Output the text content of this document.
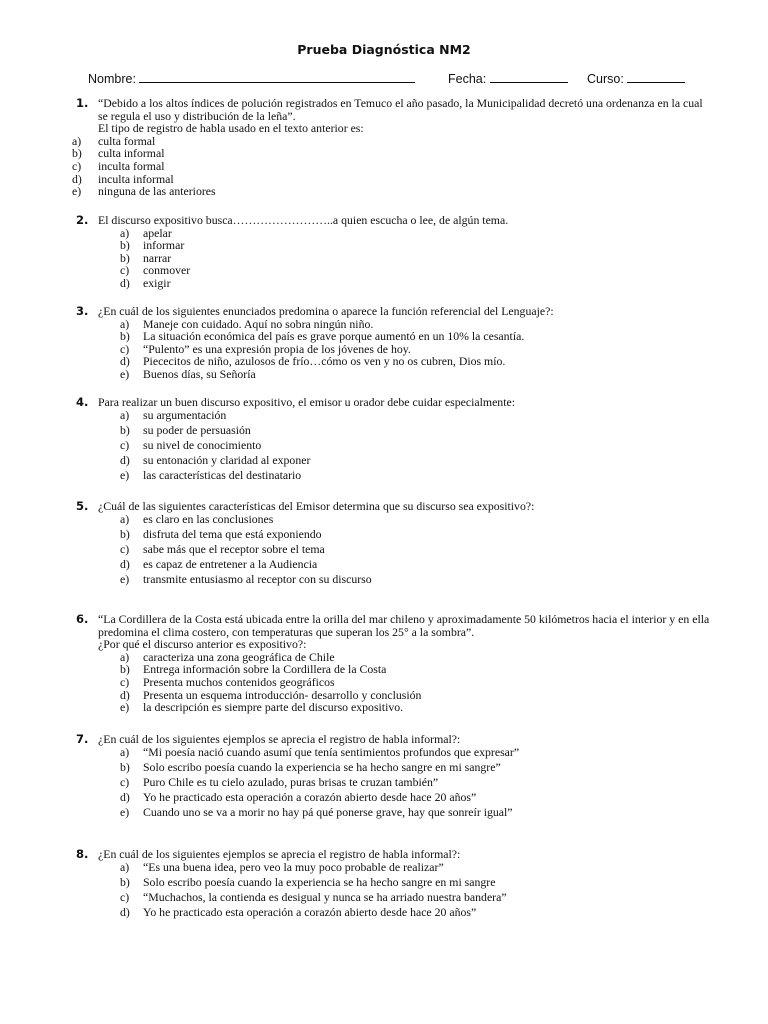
Prueba Diagnóstica NM2
Nombre:	Fecha:	Curso:
1. “Debido a los altos índices de polución registrados en Temuco el año pasado, la Municipalidad decretó una ordenanza en la cual se regula el uso y distribución de la leña”.
El tipo de registro de habla usado en el texto anterior es:
a) culta formal
b) culta informal
c) inculta formal
d) inculta informal
e) ninguna de las anteriores
2. El discurso expositivo busca……………………..a quien escucha o lee, de algún tema.
a) apelar
b) informar
b) narrar
c) conmover
d) exigir
3. ¿En cuál de los siguientes enunciados predomina o aparece la función referencial del Lenguaje?:
a) Maneje con cuidado. Aquí no sobra ningún niño.
b) La situación económica del país es grave porque aumentó en un 10% la cesantía.
c) “Pulento” es una expresión propia de los jóvenes de hoy.
d) Piececitos de niño, azulosos de frío…cómo os ven y no os cubren, Dios mío.
e) Buenos días, su Señoría
4. Para realizar un buen discurso expositivo, el emisor u orador debe cuidar especialmente:
a) su argumentación
b) su poder de persuasión
c) su nivel de conocimiento
d) su entonación y claridad al exponer
e) las características del destinatario
5. ¿Cuál de las siguientes características del Emisor determina que su discurso sea expositivo?:
a) es claro en las conclusiones
b) disfruta del tema que está exponiendo
c) sabe más que el receptor sobre el tema
d) es capaz de entretener a la Audiencia
e) transmite entusiasmo al receptor con su discurso
6. “La Cordillera de la Costa está ubicada entre la orilla del mar chileno y aproximadamente 50 kilómetros hacia el interior y en ella predomina el clima costero, con temperaturas que superan los 25° a la sombra”.
¿Por qué el discurso anterior es expositivo?:
a) caracteriza una zona geográfica de Chile
b) Entrega información sobre la Cordillera de la Costa
c) Presenta muchos contenidos geográficos
d) Presenta un esquema introducción- desarrollo y conclusión
e) la descripción es siempre parte del discurso expositivo.
7. ¿En cuál de los siguientes ejemplos se aprecia el registro de habla informal?:
a) “Mi poesía nació cuando asumí que tenía sentimientos profundos que expresar”
b) Solo escribo poesía cuando la experiencia se ha hecho sangre en mi sangre”
c) Puro Chile es tu cielo azulado, puras brisas te cruzan también”
d) Yo he practicado esta operación a corazón abierto desde hace 20 años”
e) Cuando uno se va a morir no hay pá qué ponerse grave, hay que sonreír igual”
8. ¿En cuál de los siguientes ejemplos se aprecia el registro de habla informal?:
a) “Es una buena idea, pero veo la muy poco probable de realizar”
b) Solo escribo poesía cuando la experiencia se ha hecho sangre en mi sangre
c) “Muchachos, la contienda es desigual y nunca se ha arriado nuestra bandera”
d) Yo he practicado esta operación a corazón abierto desde hace 20 años”
